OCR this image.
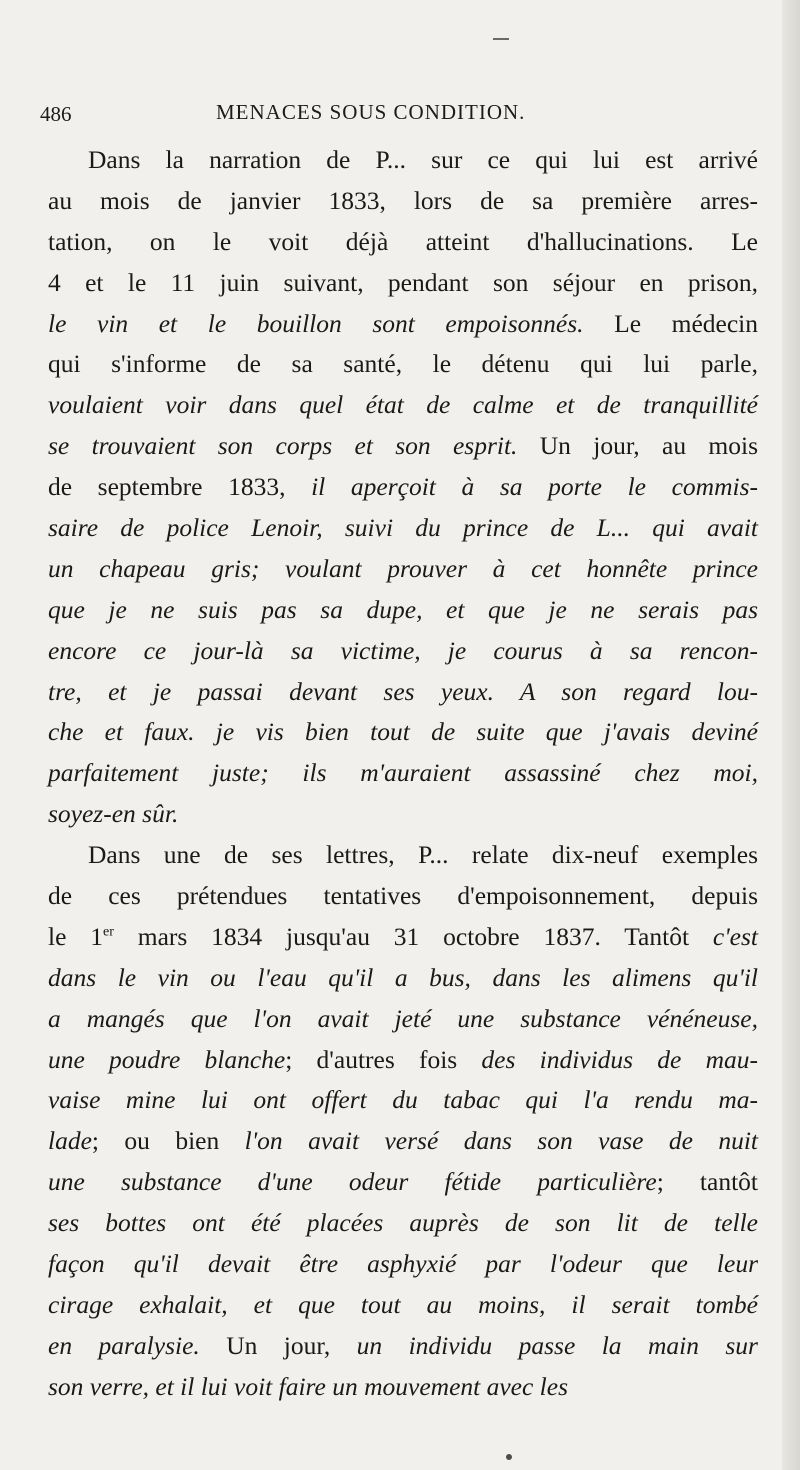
486	MENACES SOUS CONDITION.
Dans la narration de P... sur ce qui lui est arrivé
au mois de janvier 1833, lors de sa première arres-
tation, on le voit déjà atteint d'hallucinations. Le
4 et le 11 juin suivant, pendant son séjour en prison,
le vin et le bouillon sont empoisonnés. Le médecin
qui s'informe de sa santé, le détenu qui lui parle,
voulaient voir dans quel état de calme et de tranquillité
se trouvaient son corps et son esprit. Un jour, au mois
de septembre 1833, il aperçoit à sa porte le commis-
saire de police Lenoir, suivi du prince de L... qui avait
un chapeau gris; voulant prouver à cet honnête prince
que je ne suis pas sa dupe, et que je ne serais pas
encore ce jour-là sa victime, je courus à sa rencon-
tre, et je passai devant ses yeux. A son regard lou-
che et faux. je vis bien tout de suite que j'avais deviné
parfaitement juste; ils m'auraient assassiné chez moi,
soyez-en sûr.
Dans une de ses lettres, P... relate dix-neuf exemples
de ces prétendues tentatives d'empoisonnement, depuis
le 1er mars 1834 jusqu'au 31 octobre 1837. Tantôt c'est
dans le vin ou l'eau qu'il a bus, dans les alimens qu'il
a mangés que l'on avait jeté une substance vénéneuse,
une poudre blanche; d'autres fois des individus de mau-
vaise mine lui ont offert du tabac qui l'a rendu ma-
lade; ou bien l'on avait versé dans son vase de nuit
une substance d'une odeur fétide particulière; tantôt
ses bottes ont été placées auprès de son lit de telle
façon qu'il devait être asphyxié par l'odeur que leur
cirage exhalait, et que tout au moins, il serait tombé
en paralysie. Un jour, un individu passe la main sur
son verre, et il lui voit faire un mouvement avec les
